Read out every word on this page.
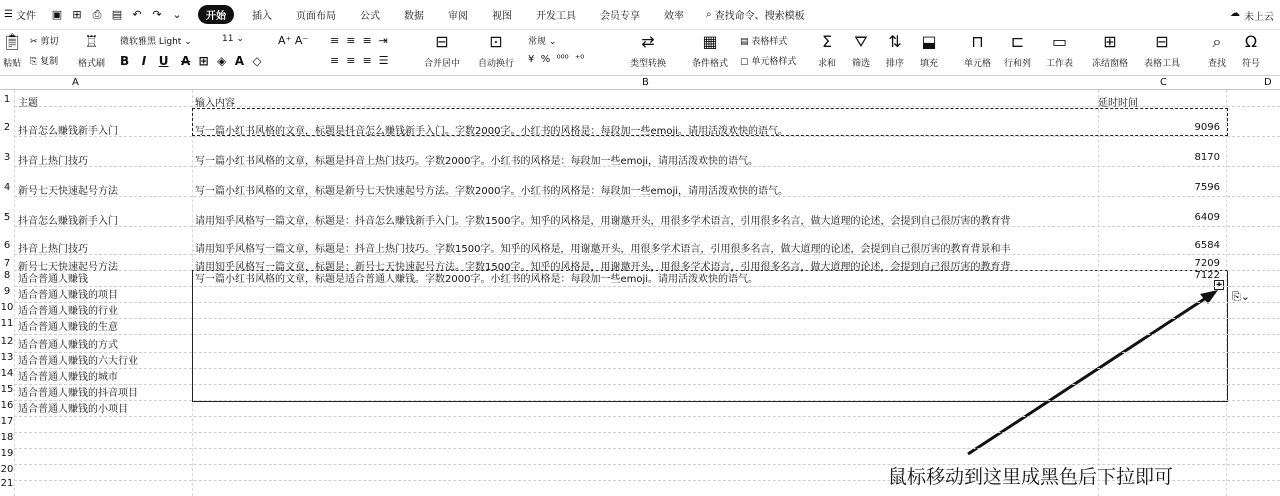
☰ 文件 ▣ ⊞ ⎙ ▤ ↶ ↷ ⌄	开始	插入	页面布局	公式	数据	审阅	视图	开发工具	会员专享	效率	⌕ 查找命令、搜索模板	☁ 未上云
📋︎
粘贴
✂ 剪切
⎘ 复制
♖
格式刷
微软雅黑 Light ⌄	11 ⌄	A⁺ A⁻
B I U A ⊞ ◈ A ◇
≡ ≡ ≡ ⇥
≡ ≡ ≡ ☰
⊟
合并居中
⊡
自动换行
常规 ⌄
¥ % ⁰⁰⁰ ⁺⁰
⇄
类型转换
▦
条件格式
▤ 表格样式
▢ 单元格样式
Σ
求和
⛛
筛选
⇅
排序
⬓
填充
⊓
单元格
⊏
行和列
▭
工作表
⊞
冻结窗格
⊟
表格工具
⌕
查找
Ω
符号
A	B	C	D
✚
⎘⌄
1 主题	输入内容	延时时间
2 抖音怎么赚钱新手入门	写一篇小红书风格的文章，标题是抖音怎么赚钱新手入门。字数2000字。小红书的风格是：每段加一些emoji。请用活泼欢快的语气。	9096
3 抖音上热门技巧	写一篇小红书风格的文章，标题是抖音上热门技巧。字数2000字。小红书的风格是：每段加一些emoji，请用活泼欢快的语气。	8170
4 新号七天快速起号方法	写一篇小红书风格的文章，标题是新号七天快速起号方法。字数2000字。小红书的风格是：每段加一些emoji，请用活泼欢快的语气。	7596
5 抖音怎么赚钱新手入门	请用知乎风格写一篇文章，标题是：抖音怎么赚钱新手入门。字数1500字。知乎的风格是，用谢邀开头，用很多学术语言，引用很多名言，做大道理的论述，会提到自己很厉害的教育背	6409
6 抖音上热门技巧	请用知乎风格写一篇文章，标题是：抖音上热门技巧。字数1500字。知乎的风格是，用谢邀开头，用很多学术语言，引用很多名言，做大道理的论述，会提到自己很厉害的教育背景和丰	6584
7 新号七天快速起号方法	请用知乎风格写一篇文章，标题是：新号七天快速起号方法。字数1500字。知乎的风格是，用谢邀开头，用很多学术语言，引用很多名言，做大道理的论述，会提到自己很厉害的教育背	7209
8 适合普通人赚钱	写一篇小红书风格的文章，标题是适合普通人赚钱。字数2000字。小红书的风格是：每段加一些emoji。请用活泼欢快的语气。	7122
9 适合普通人赚钱的项目
10 适合普通人赚钱的行业
11 适合普通人赚钱的生意
12 适合普通人赚钱的方式
13 适合普通人赚钱的六大行业
14 适合普通人赚钱的城市
15 适合普通人赚钱的抖音项目
16 适合普通人赚钱的小项目
17
18
19
20
21	鼠标移动到这里成黑色后下拉即可
